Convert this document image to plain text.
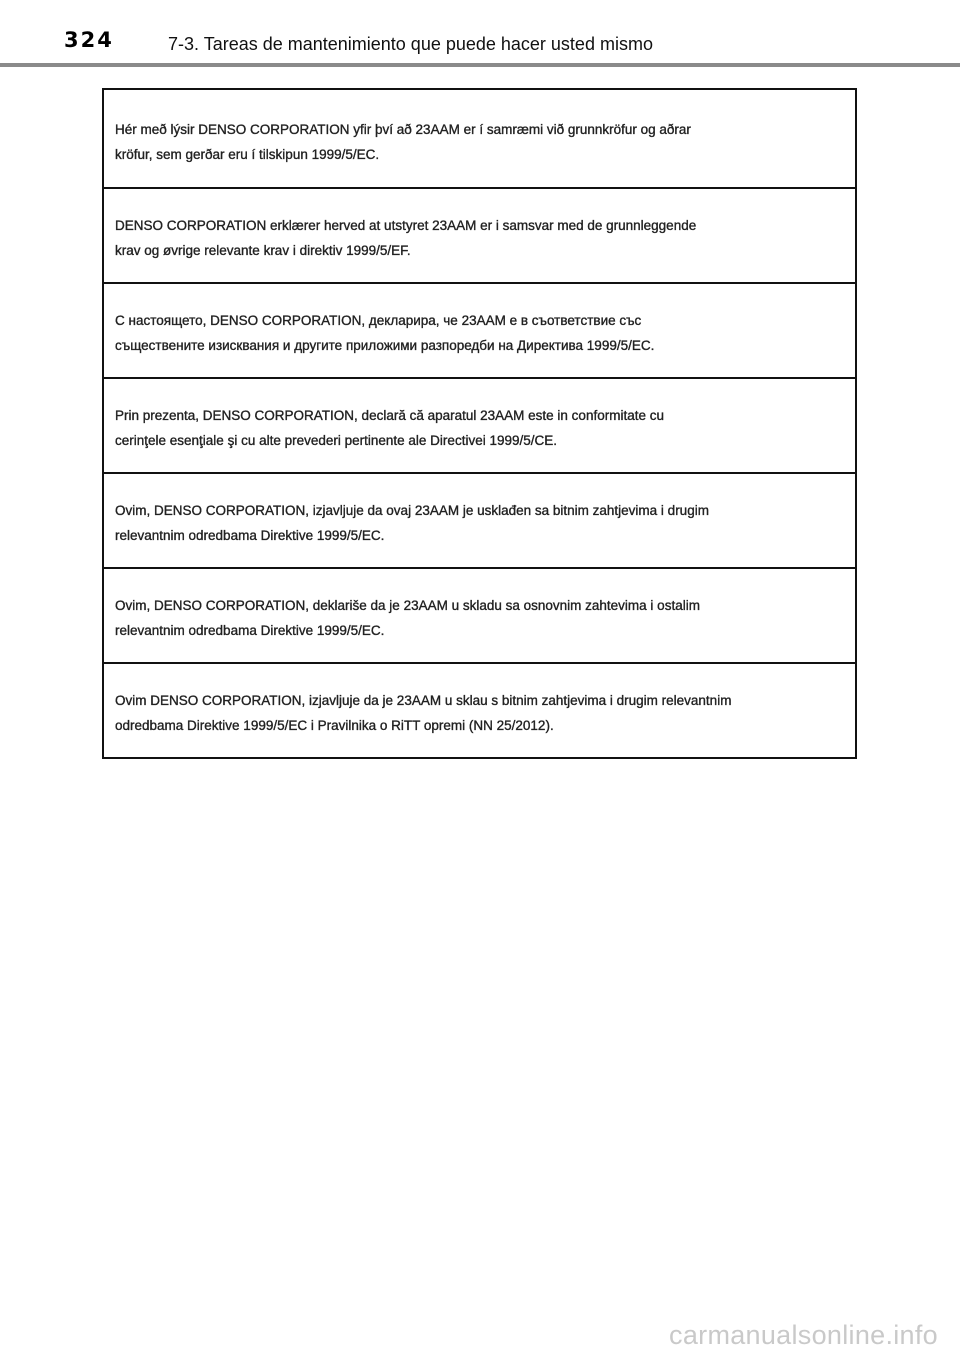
324	7-3. Tareas de mantenimiento que puede hacer usted mismo
Hér með lýsir DENSO CORPORATION yfir því að 23AAM er í samræmi við grunnkröfur og aðrar
kröfur, sem gerðar eru í tilskipun 1999/5/EC.
DENSO CORPORATION erklærer herved at utstyret 23AAM er i samsvar med de grunnleggende
krav og øvrige relevante krav i direktiv 1999/5/EF.
С настоящето, DENSO CORPORATION, декларира, че 23AAM е в съответствие със
съществените изисквания и другите приложими разпоредби на Директива 1999/5/ЕС.
Prin prezenta, DENSO CORPORATION, declară că aparatul 23AAM este in conformitate cu
cerinţele esenţiale şi cu alte prevederi pertinente ale Directivei 1999/5/CE.
Ovim, DENSO CORPORATION, izjavljuje da ovaj 23AAM je usklađen sa bitnim zahtjevima i drugim
relevantnim odredbama Direktive 1999/5/EC.
Ovim, DENSO CORPORATION, deklariše da je 23AAM u skladu sa osnovnim zahtevima i ostalim
relevantnim odredbama Direktive 1999/5/EC.
Ovim DENSO CORPORATION, izjavljuje da je 23AAM u sklau s bitnim zahtjevima i drugim relevantnim
odredbama Direktive 1999/5/EC i Pravilnika o RiTT opremi (NN 25/2012).
carmanualsonline.info
